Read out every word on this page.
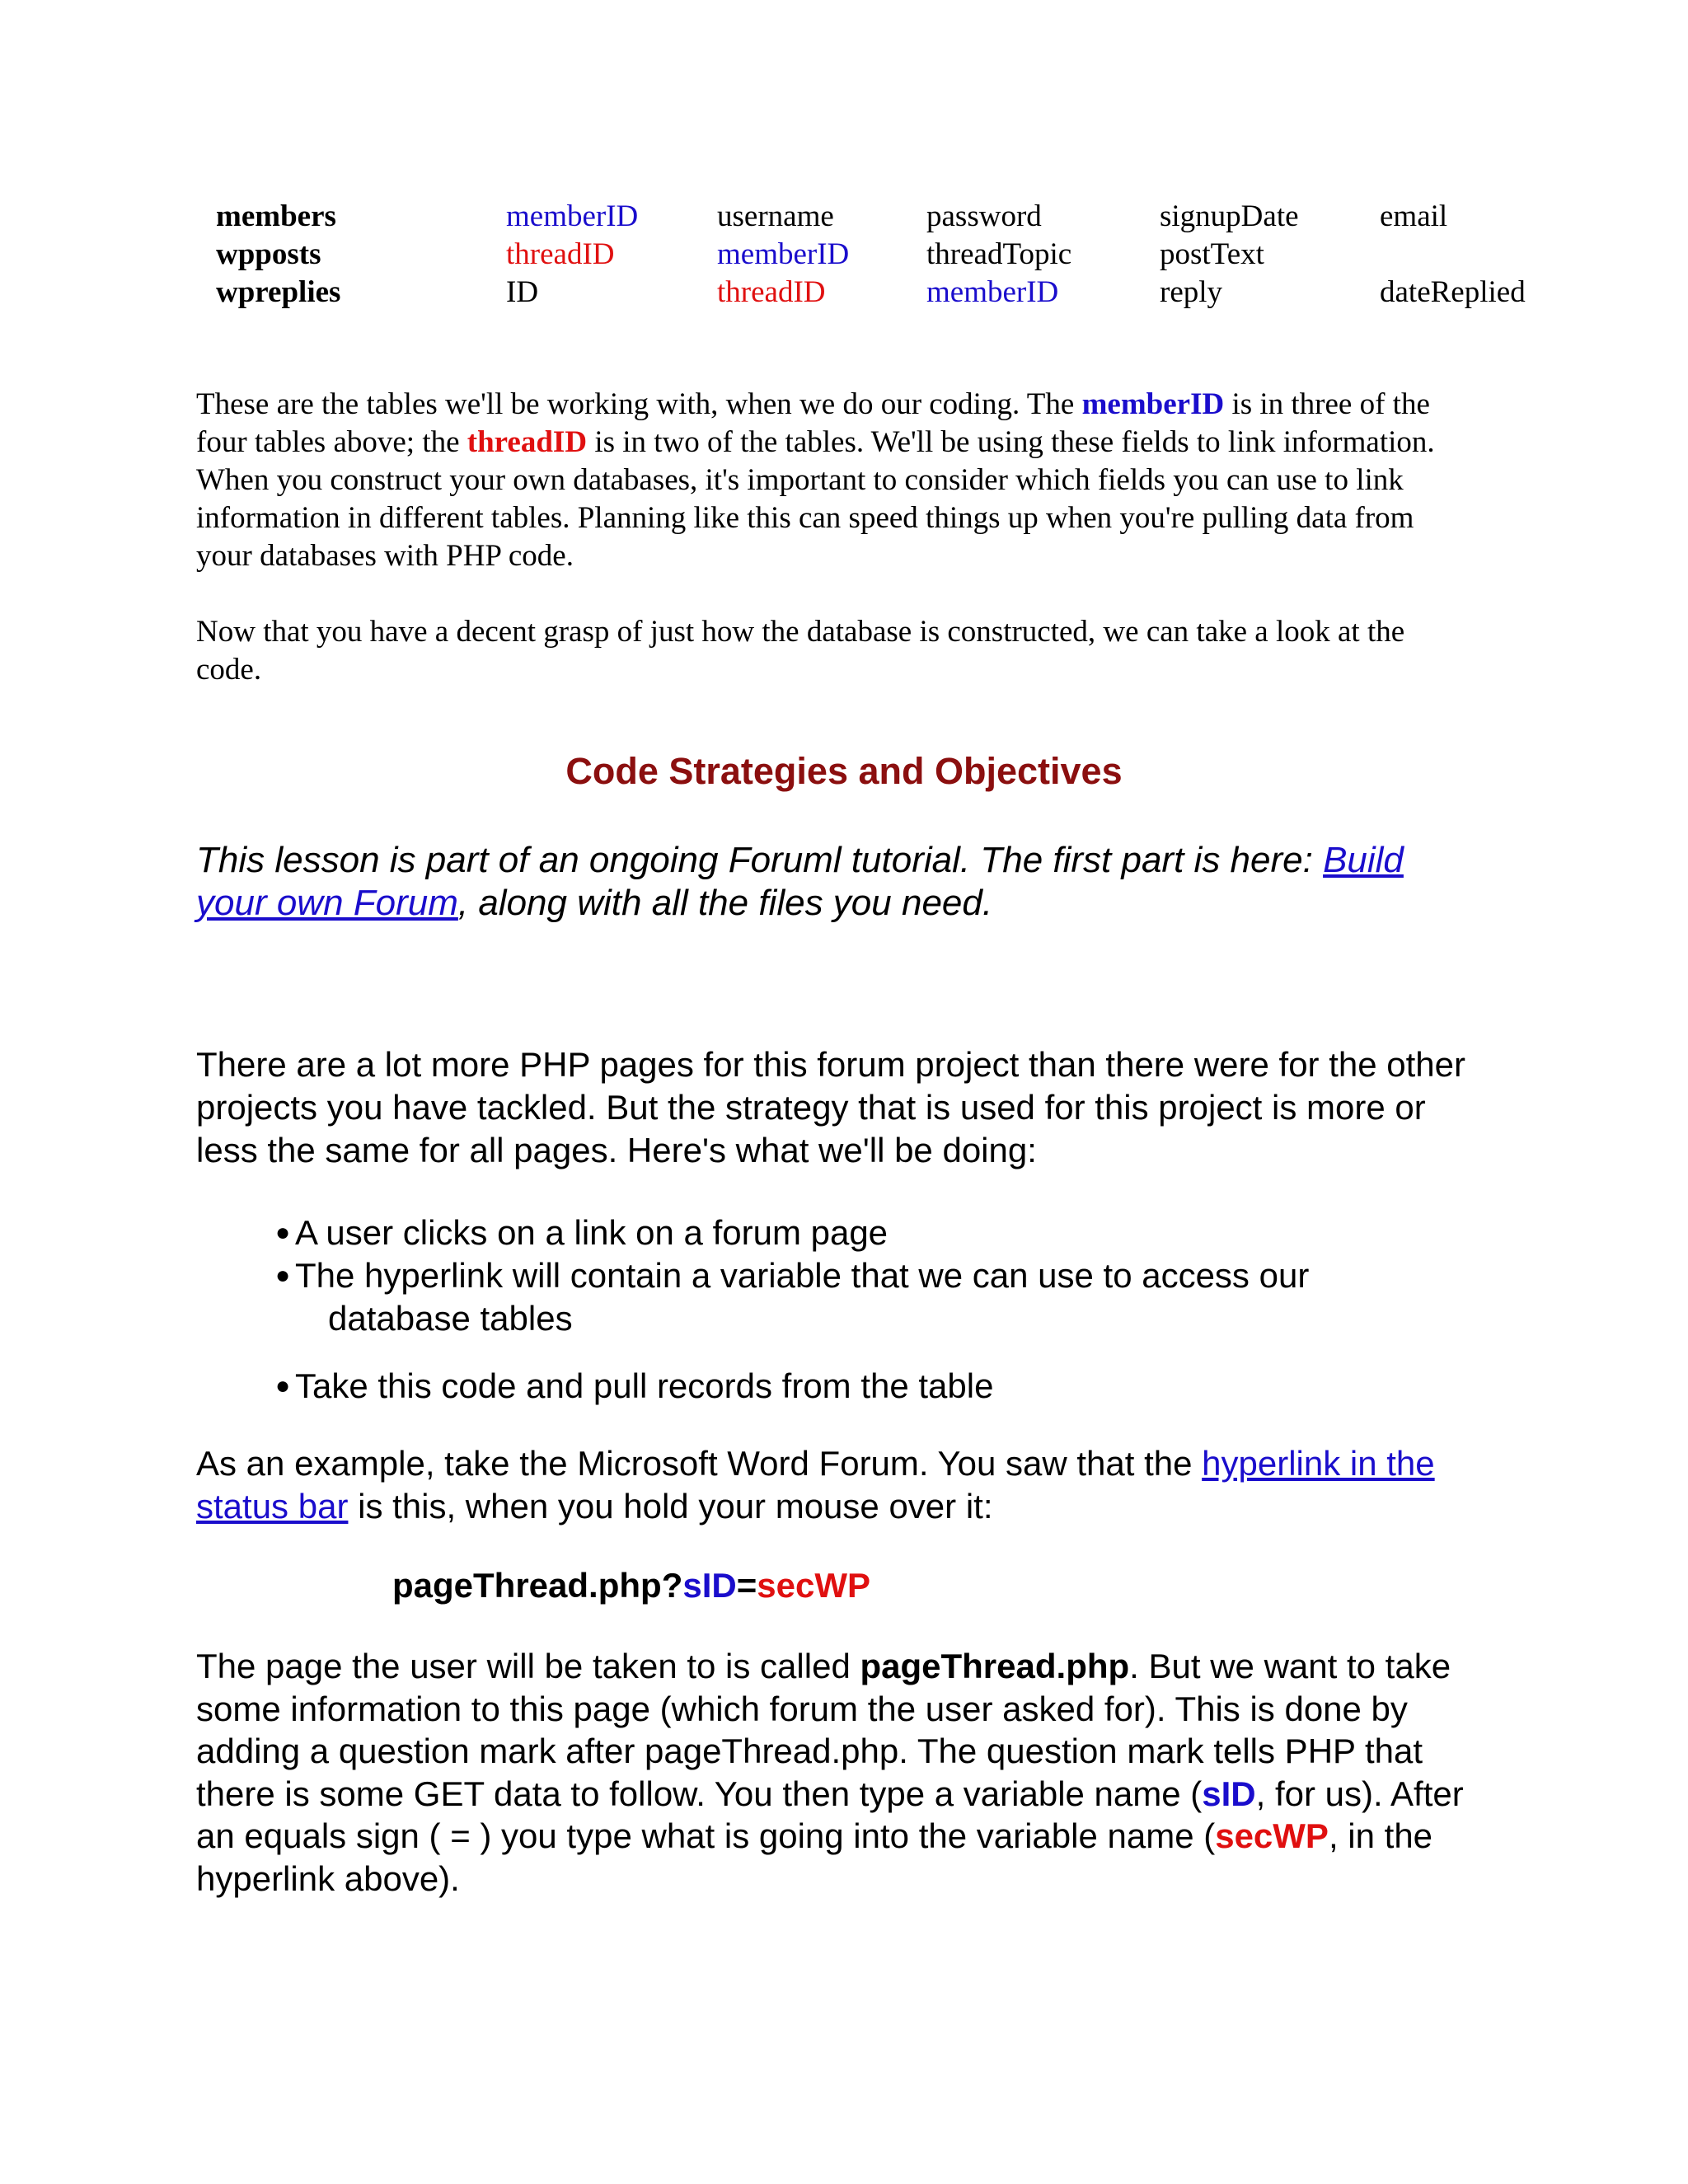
members	memberID	username	password	signupDate	email
wpposts	threadID	memberID	threadTopic	postText
wpreplies	ID	threadID	memberID	reply	dateReplied

These are the tables we'll be working with, when we do our coding. The memberID is in three of the four tables above; the threadID is in two of the tables. We'll be using these fields to link information. When you construct your own databases, it's important to consider which fields you can use to link information in different tables. Planning like this can speed things up when you're pulling data from your databases with PHP code.

Now that you have a decent grasp of just how the database is constructed, we can take a look at the code.

Code Strategies and Objectives

This lesson is part of an ongoing Foruml tutorial. The first part is here: Build your own Forum, along with all the files you need.

There are a lot more PHP pages for this forum project than there were for the other projects you have tackled. But the strategy that is used for this project is more or less the same for all pages. Here's what we'll be doing:

● A user clicks on a link on a forum page
● The hyperlink will contain a variable that we can use to access our
database tables
● Take this code and pull records from the table

As an example, take the Microsoft Word Forum. You saw that the hyperlink in the status bar is this, when you hold your mouse over it:

pageThread.php?sID=secWP

The page the user will be taken to is called pageThread.php. But we want to take some information to this page (which forum the user asked for). This is done by adding a question mark after pageThread.php. The question mark tells PHP that there is some GET data to follow. You then type a variable name (sID, for us). After an equals sign ( = ) you type what is going into the variable name (secWP, in the hyperlink above).
